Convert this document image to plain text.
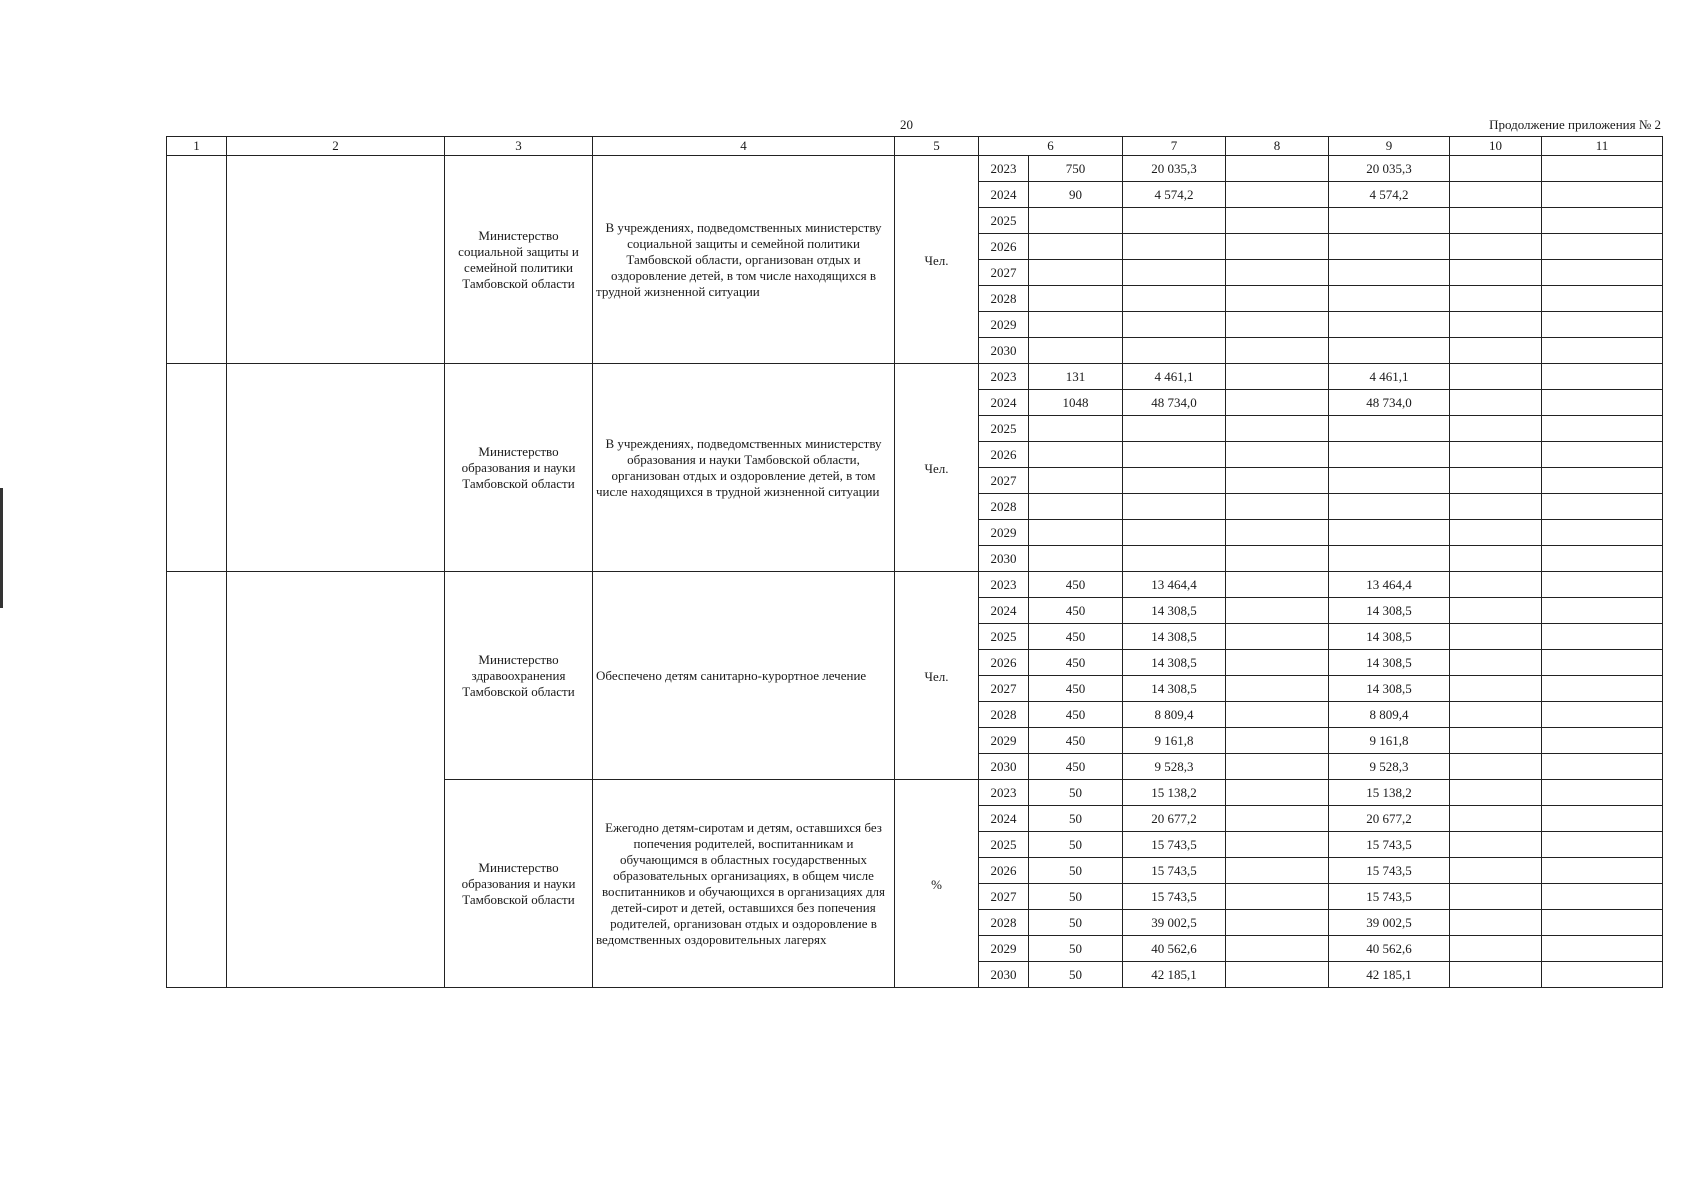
20	Продолжение приложения № 2
1	2	3	4	5	6		7	8	9	10	11
		Министерство социальной защиты и семейной политики Тамбовской области	В учреждениях, подведомственных министерству социальной защиты и семейной политики Тамбовской области, организован отдых и оздоровление детей, в том числе находящихся в трудной жизненной ситуации	Чел.	2023	750	20 035,3		20 035,3		
					2024	90	4 574,2		4 574,2		
					2025						
					2026						
					2027						
					2028						
					2029						
					2030						
		Министерство образования и науки Тамбовской области	В учреждениях, подведомственных министерству образования и науки Тамбовской области, организован отдых и оздоровление детей, в том числе находящихся в трудной жизненной ситуации	Чел.	2023	131	4 461,1		4 461,1		
					2024	1048	48 734,0		48 734,0		
					2025						
					2026						
					2027						
					2028						
					2029						
					2030						
		Министерство здравоохранения Тамбовской области	Обеспечено детям санитарно-курортное лечение	Чел.	2023	450	13 464,4		13 464,4		
					2024	450	14 308,5		14 308,5		
					2025	450	14 308,5		14 308,5		
					2026	450	14 308,5		14 308,5		
					2027	450	14 308,5		14 308,5		
					2028	450	8 809,4		8 809,4		
					2029	450	9 161,8		9 161,8		
					2030	450	9 528,3		9 528,3		
		Министерство образования и науки Тамбовской области	Ежегодно детям-сиротам и детям, оставшихся без попечения родителей, воспитанникам и обучающимся в областных государственных образовательных организациях, в общем числе воспитанников и обучающихся в организациях для детей-сирот и детей, оставшихся без попечения родителей, организован отдых и оздоровление в ведомственных оздоровительных лагерях	%	2023	50	15 138,2		15 138,2		
					2024	50	20 677,2		20 677,2		
					2025	50	15 743,5		15 743,5		
					2026	50	15 743,5		15 743,5		
					2027	50	15 743,5		15 743,5		
					2028	50	39 002,5		39 002,5		
					2029	50	40 562,6		40 562,6		
					2030	50	42 185,1		42 185,1		
